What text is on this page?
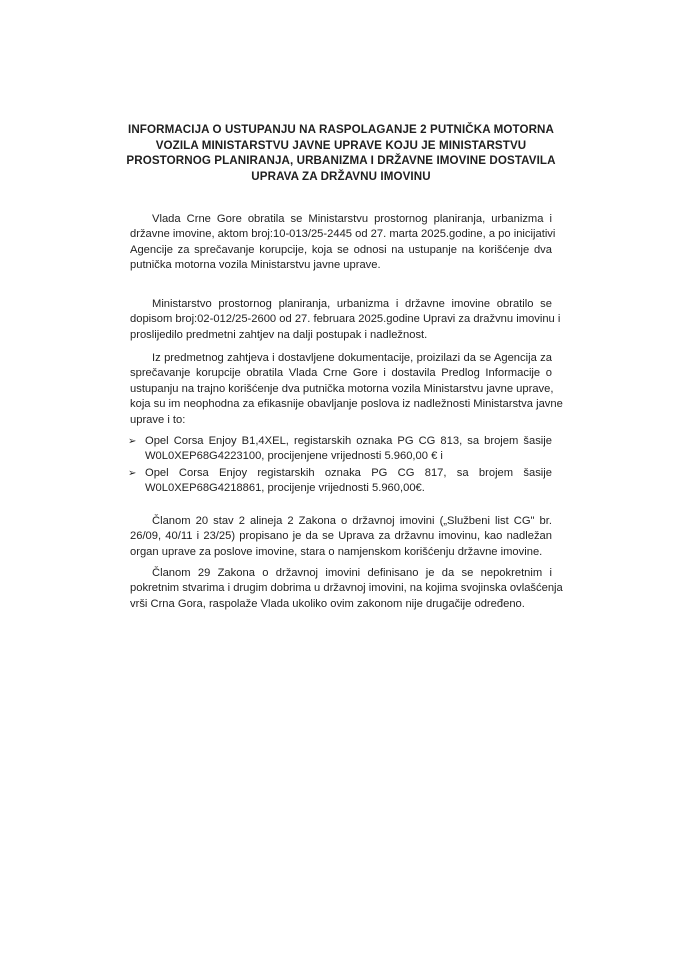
INFORMACIJA O USTUPANJU NA RASPOLAGANJE 2 PUTNIČKA MOTORNA
VOZILA MINISTARSTVU JAVNE UPRAVE KOJU JE MINISTARSTVU
PROSTORNOG PLANIRANJA, URBANIZMA I DRŽAVNE IMOVINE DOSTAVILA
UPRAVA ZA DRŽAVNU IMOVINU
Vlada Crne Gore obratila se Ministarstvu prostornog planiranja, urbanizma i
državne imovine, aktom broj:10-013/25-2445 od 27. marta 2025.godine, a po inicijativi
Agencije za sprečavanje korupcije, koja se odnosi na ustupanje na korišćenje dva
putnička motorna vozila Ministarstvu javne uprave.
Ministarstvo prostornog planiranja, urbanizma i državne imovine obratilo se
dopisom broj:02-012/25-2600 od 27. februara 2025.godine Upravi za dražvnu imovinu i
proslijedilo predmetni zahtjev na dalji postupak i nadležnost.
Iz predmetnog zahtjeva i dostavljene dokumentacije, proizilazi da se Agencija za
sprečavanje korupcije obratila Vlada Crne Gore i dostavila Predlog Informacije o
ustupanju na trajno korišćenje dva putnička motorna vozila Ministarstvu javne uprave,
koja su im neophodna za efikasnije obavljanje poslova iz nadležnosti Ministarstva javne
uprave i to:
➢ Opel Corsa Enjoy B1,4XEL, registarskih oznaka PG CG 813, sa brojem šasije
W0L0XEP68G4223100, procijenjene vrijednosti 5.960,00 € i
➢ Opel Corsa Enjoy registarskih oznaka PG CG 817, sa brojem šasije
W0L0XEP68G4218861, procijenje vrijednosti 5.960,00€.
Članom 20 stav 2 alineja 2 Zakona o državnoj imovini („Službeni list CG" br.
26/09, 40/11 i 23/25) propisano je da se Uprava za državnu imovinu, kao nadležan
organ uprave za poslove imovine, stara o namjenskom korišćenju državne imovine.
Članom 29 Zakona o državnoj imovini definisano je da se nepokretnim i
pokretnim stvarima i drugim dobrima u državnoj imovini, na kojima svojinska ovlašćenja
vrši Crna Gora, raspolaže Vlada ukoliko ovim zakonom nije drugačije određeno.
